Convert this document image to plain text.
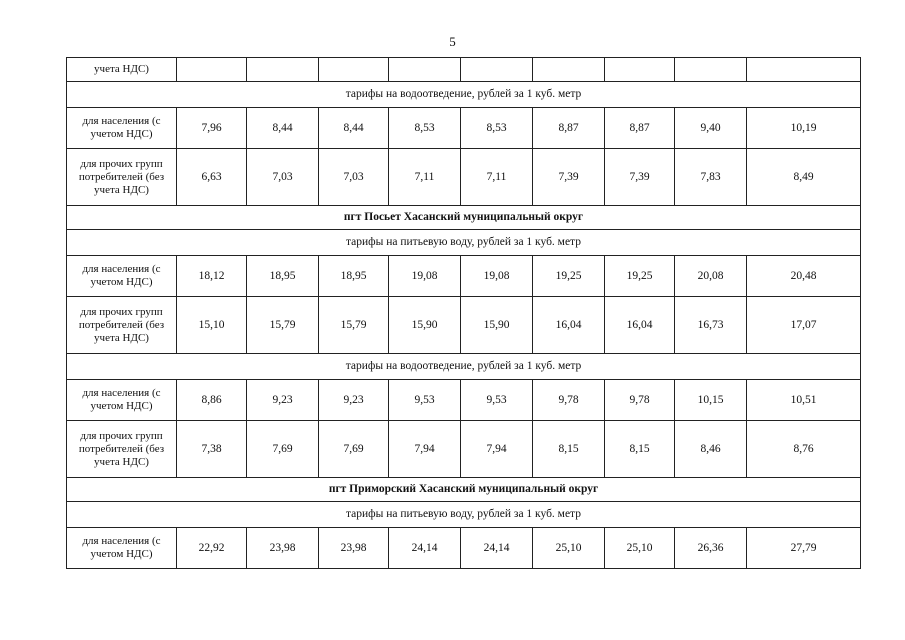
5
учета НДС)									
тарифы на водоотведение, рублей за 1 куб. метр									
для населения (с учетом НДС)	7,96	8,44	8,44	8,53	8,53	8,87	8,87	9,40	10,19
для прочих групп потребителей (без учета НДС)	6,63	7,03	7,03	7,11	7,11	7,39	7,39	7,83	8,49
пгт Посьет Хасанский муниципальный округ									
тарифы на питьевую воду, рублей за 1 куб. метр									
для населения (с учетом НДС)	18,12	18,95	18,95	19,08	19,08	19,25	19,25	20,08	20,48
для прочих групп потребителей (без учета НДС)	15,10	15,79	15,79	15,90	15,90	16,04	16,04	16,73	17,07
тарифы на водоотведение, рублей за 1 куб. метр									
для населения (с учетом НДС)	8,86	9,23	9,23	9,53	9,53	9,78	9,78	10,15	10,51
для прочих групп потребителей (без учета НДС)	7,38	7,69	7,69	7,94	7,94	8,15	8,15	8,46	8,76
пгт Приморский Хасанский муниципальный округ									
тарифы на питьевую воду, рублей за 1 куб. метр									
для населения (с учетом НДС)	22,92	23,98	23,98	24,14	24,14	25,10	25,10	26,36	27,79
